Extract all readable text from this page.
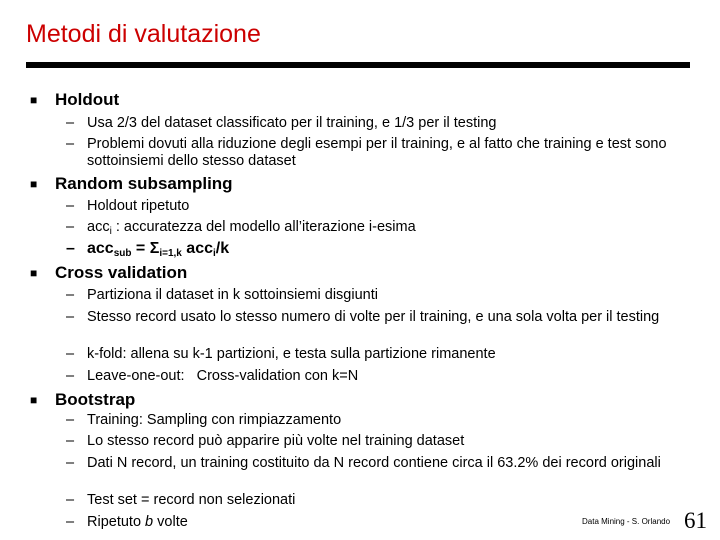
Metodi di valutazione
■ Holdout
– Usa 2/3 del dataset classificato per il training, e 1/3 per il testing
– Problemi dovuti alla riduzione degli esempi per il training, e al fatto che training e test sono sottoinsiemi dello stesso dataset
■ Random subsampling
– Holdout ripetuto
– acc$_i$ : accuratezza del modello all’iterazione i-esima
– $acc_{sub} = \Sigma_{i=1,k}$ acc$_i$/k
■ Cross validation
– Partiziona il dataset in k sottoinsiemi disgiunti
– Stesso record usato lo stesso numero di volte per il training, e una sola volta per il testing
– k-fold: allena su k-1 partizioni, e testa sulla partizione rimanente
– Leave-one-out:   Cross-validation con k=N
■ Bootstrap
– Training: Sampling con rimpiazzamento
– Lo stesso record può apparire più volte nel training dataset
– Dati N record, un training costituito da N record contiene circa il 63.2% dei record originali
– Test set = record non selezionati
– Ripetuto b volte	Data Mining - S. Orlando 61
